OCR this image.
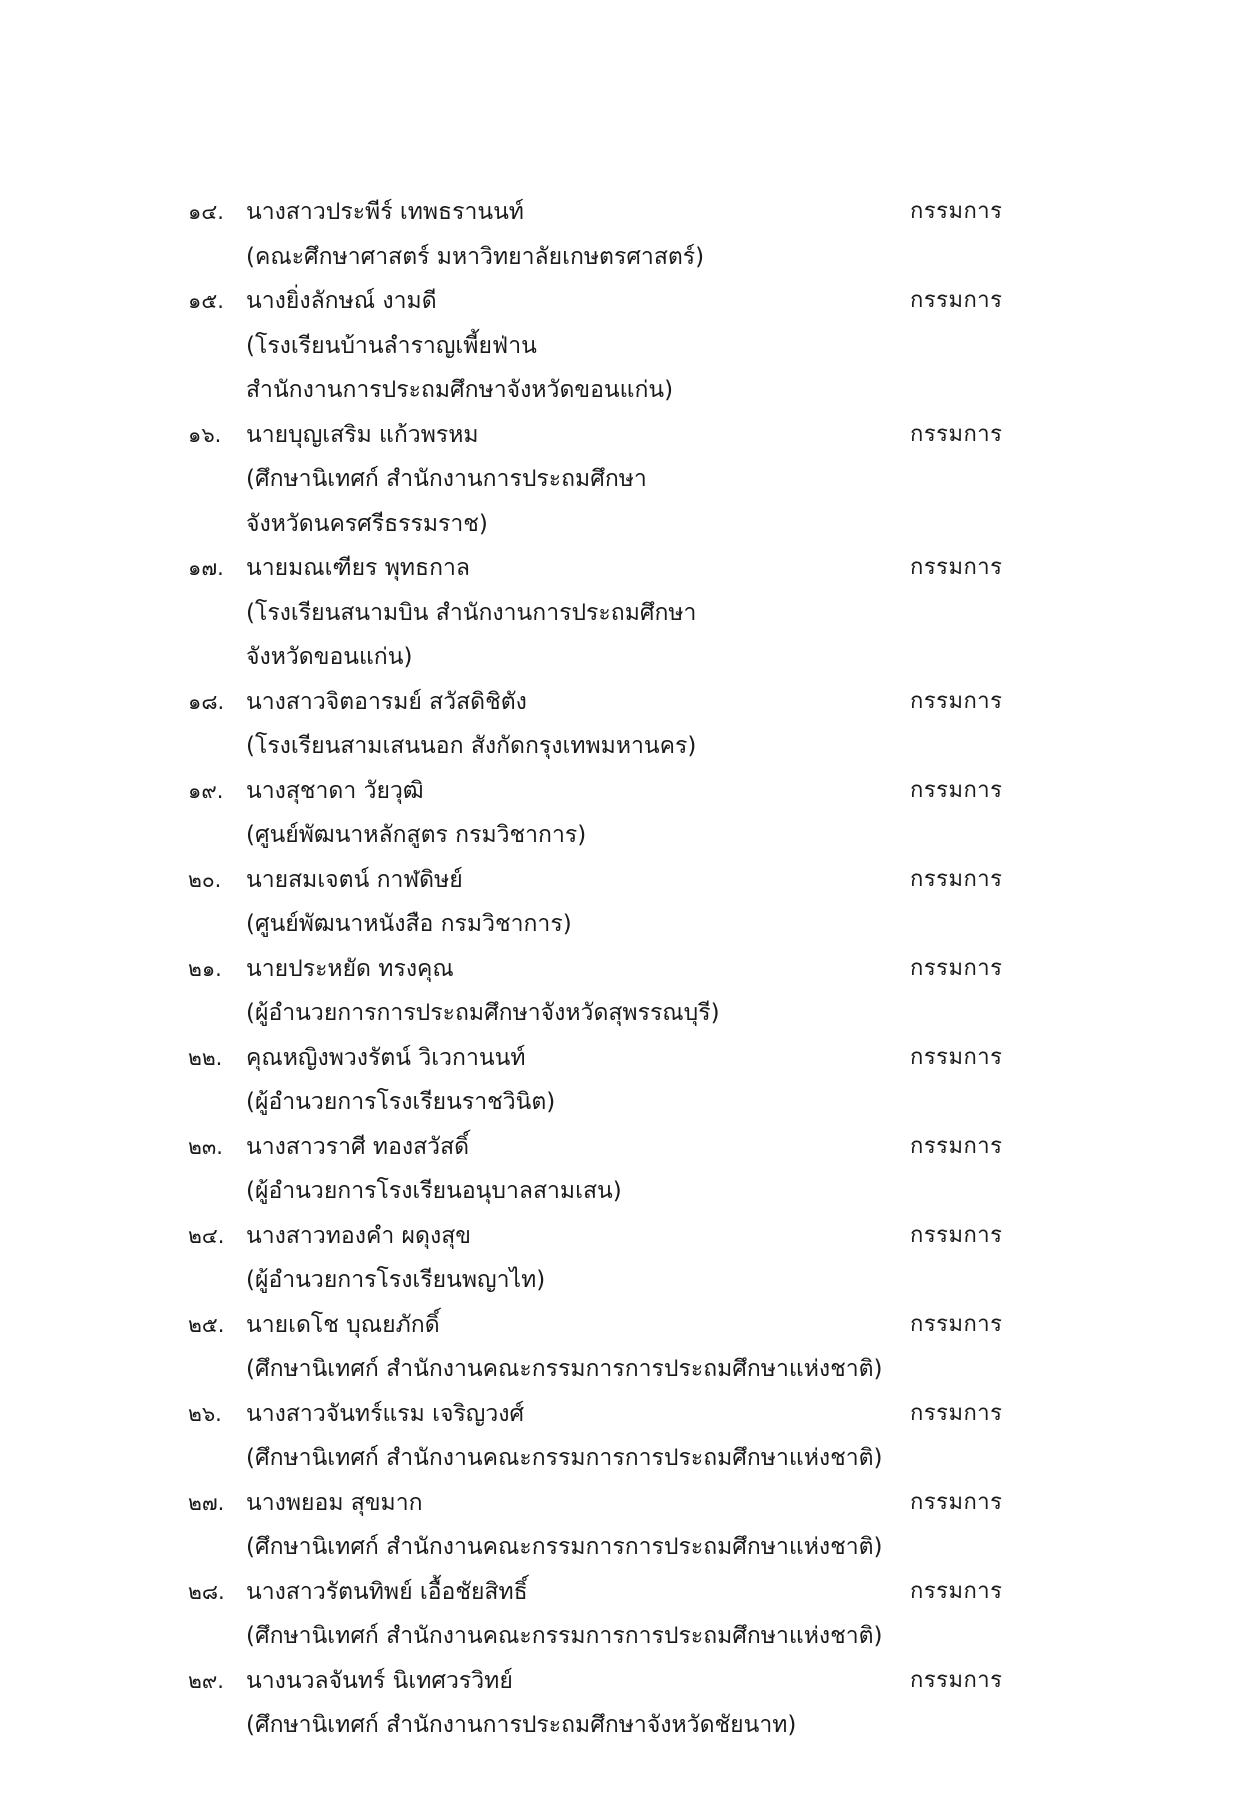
๑๔. นางสาวประพีร์ เทพธรานนท์	กรรมการ
(คณะศึกษาศาสตร์ มหาวิทยาลัยเกษตรศาสตร์)
๑๕. นางยิ่งลักษณ์ งามดี	กรรมการ
(โรงเรียนบ้านลำราญเพี้ยฟ่าน
สำนักงานการประถมศึกษาจังหวัดขอนแก่น)
๑๖. นายบุญเสริม แก้วพรหม	กรรมการ
(ศึกษานิเทศก์ สำนักงานการประถมศึกษา
จังหวัดนครศรีธรรมราช)
๑๗. นายมณเฑียร พุทธกาล	กรรมการ
(โรงเรียนสนามบิน สำนักงานการประถมศึกษา
จังหวัดขอนแก่น)
๑๘. นางสาวจิตอารมย์ สวัสดิชิตัง	กรรมการ
(โรงเรียนสามเสนนอก สังกัดกรุงเทพมหานคร)
๑๙. นางสุชาดา วัยวุฒิ	กรรมการ
(ศูนย์พัฒนาหลักสูตร กรมวิชาการ)
๒๐. นายสมเจตน์ กาฬดิษย์	กรรมการ
(ศูนย์พัฒนาหนังสือ กรมวิชาการ)
๒๑. นายประหยัด ทรงคุณ	กรรมการ
(ผู้อำนวยการการประถมศึกษาจังหวัดสุพรรณบุรี)
๒๒. คุณหญิงพวงรัตน์ วิเวกานนท์	กรรมการ
(ผู้อำนวยการโรงเรียนราชวินิต)
๒๓. นางสาวราศี ทองสวัสดิ์	กรรมการ
(ผู้อำนวยการโรงเรียนอนุบาลสามเสน)
๒๔. นางสาวทองคำ ผดุงสุข	กรรมการ
(ผู้อำนวยการโรงเรียนพญาไท)
๒๕. นายเดโช บุณยภักดิ์	กรรมการ
(ศึกษานิเทศก์ สำนักงานคณะกรรมการการประถมศึกษาแห่งชาติ)
๒๖. นางสาวจันทร์แรม เจริญวงศ์	กรรมการ
(ศึกษานิเทศก์ สำนักงานคณะกรรมการการประถมศึกษาแห่งชาติ)
๒๗. นางพยอม สุขมาก	กรรมการ
(ศึกษานิเทศก์ สำนักงานคณะกรรมการการประถมศึกษาแห่งชาติ)
๒๘. นางสาวรัตนทิพย์ เอื้อชัยสิทธิ์	กรรมการ
(ศึกษานิเทศก์ สำนักงานคณะกรรมการการประถมศึกษาแห่งชาติ)
๒๙. นางนวลจันทร์ นิเทศวรวิทย์	กรรมการ
(ศึกษานิเทศก์ สำนักงานการประถมศึกษาจังหวัดชัยนาท)
